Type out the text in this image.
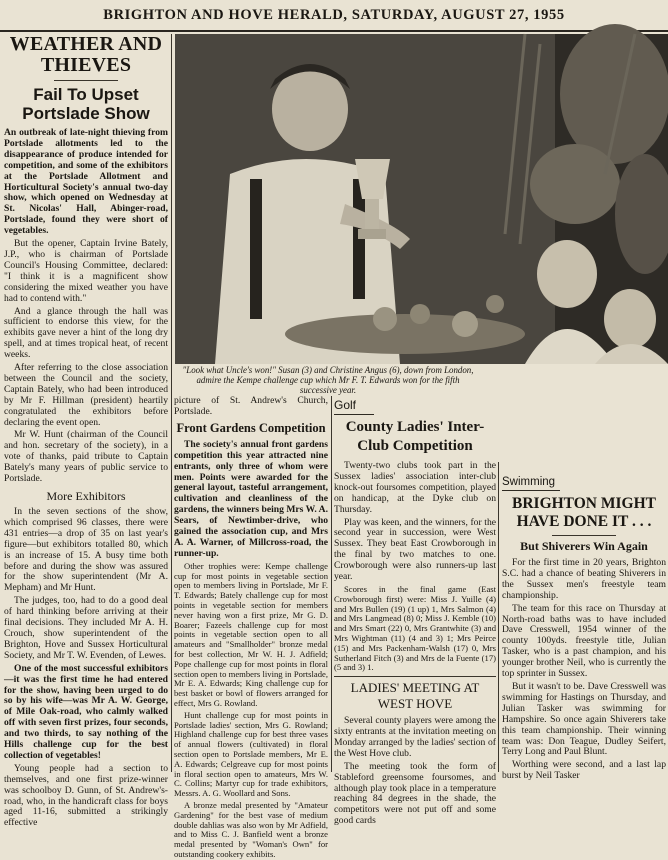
BRIGHTON AND HOVE HERALD, SATURDAY, AUGUST 27, 1955
WEATHER AND THIEVES
Fail To Upset Portslade Show

An outbreak of late-night thieving from Portslade allotments led to the disappearance of produce intended for competition, and some of the exhibitors at the Portslade Allotment and Horticultural Society's annual two-day show, which opened on Wednesday at St. Nicolas' Hall, Abinger-road, Portslade, found they were short of vegetables.

But the opener, Captain Irvine Bately, J.P., who is chairman of Portslade Council's Housing Committee, declared: "I think it is a magnificent show considering the mixed weather you have had to contend with."

And a glance through the hall was sufficient to endorse this view, for the exhibits gave never a hint of the long dry spell, and at times tropical heat, of recent weeks.

After referring to the close association between the Council and the society, Captain Bately, who had been introduced by Mr F. Hillman (president) heartily congratulated the exhibitors before declaring the event open.

Mr W. Hunt (chairman of the Council and hon. secretary of the society), in a vote of thanks, paid tribute to Captain Bately's many years of public service to Portslade.

More Exhibitors

In the seven sections of the show, which comprised 96 classes, there were 431 entries—a drop of 35 on last year's figure—but exhibitors totalled 80, which is an increase of 15. A busy time both before and during the show was assured for the show superintendent (Mr A. Mepham) and Mr Hunt.

The judges, too, had to do a good deal of hard thinking before arriving at their final decisions. They included Mr A. H. Crouch, show superintendent of the Brighton, Hove and Sussex Horticultural Society, and Mr T. W. Evenden, of Lewes.

One of the most successful exhibitors—it was the first time he had entered for the show, having been urged to do so by his wife—was Mr A. W. George, of Mile Oak-road, who calmly walked off with seven first prizes, four seconds, and two thirds, to say nothing of the Hills challenge cup for the best collection of vegetables!

Young people had a section to themselves, and one first prize-winner was schoolboy D. Gunn, of St. Andrew's-road, who, in the handicraft class for boys aged 11-16, submitted a strikingly effective

"Look what Uncle's won!" Susan (3) and Christine Angus (6), down from London, admire the Kempe challenge cup which Mr F. T. Edwards won for the fifth successive year.

picture of St. Andrew's Church, Portslade.

Front Gardens Competition

The society's annual front gardens competition this year attracted nine entrants, only three of whom were men. Points were awarded for the general layout, tasteful arrangement, cultivation and cleanliness of the gardens, the winners being Mrs W. A. Sears, of Newtimber-drive, who gained the association cup, and Mrs A. A. Warner, of Millcross-road, the runner-up.

Other trophies were: Kempe challenge cup for most points in vegetable section open to members living in Portslade, Mr F. T. Edwards; Bately challenge cup for most points in vegetable section for members never having won a first prize, Mr G. D. Boarer; Fazeels challenge cup for most points in vegetable section open to all amateurs and "Smallholder" bronze medal for best collection, Mr W. H. J. Adfield; Pope challenge cup for most points in floral section open to members living in Portslade, Mr E. A. Edwards; King challenge cup for best basket or bowl of flowers arranged for effect, Mrs G. Rowland.

Hunt challenge cup for most points in Portslade ladies' section, Mrs G. Rowland; Highland challenge cup for best three vases of annual flowers (cultivated) in floral section open to Portslade members, Mr E. A. Edwards; Celgreave cup for most points in floral section open to amateurs, Mrs W. C. Collins; Martyr cup for trade exhibitors, Messrs. A. G. Woollard and Sons.

A bronze medal presented by "Amateur Gardening" for the best vase of medium double dahlias was also won by Mr Adfield, and to Miss C. J. Banfield went a bronze medal presented by "Woman's Own" for outstanding cookery exhibits.

Golf
County Ladies' Inter-Club Competition

Twenty-two clubs took part in the Sussex ladies' association inter-club knock-out foursomes competition, played on handicap, at the Dyke club on Thursday.

Play was keen, and the winners, for the second year in succession, were West Sussex. They beat East Crowborough in the final by two matches to one. Crowborough were also runners-up last year.

Scores in the final game (East Crowborough first) were: Miss J. Yuille (4) and Mrs Bullen (19) (1 up) 1, Mrs Salmon (4) and Mrs Langmead (8) 0; Miss J. Kemble (10) and Mrs Smart (22) 0, Mrs Grantwhite (3) and Mrs Wightman (11) (4 and 3) 1; Mrs Peirce (15) and Mrs Packenham-Walsh (17) 0, Mrs Sutherland Fitch (3) and Mrs de la Fuente (17) (5 and 3) 1.

LADIES' MEETING AT WEST HOVE

Several county players were among the sixty entrants at the invitation meeting on Monday arranged by the ladies' section of the West Hove club.

The meeting took the form of Stableford greensome foursomes, and although play took place in a temperature reaching 84 degrees in the shade, the competitors were not put off and some good cards

Swimming
BRIGHTON MIGHT HAVE DONE IT . . .
But Shiverers Win Again

For the first time in 20 years, Brighton S.C. had a chance of beating Shiverers in the Sussex men's freestyle team championship.

The team for this race on Thursday at North-road baths was to have included Dave Cresswell, 1954 winner of the county 100yds. freestyle title, Julian Tasker, who is a past champion, and his younger brother Neil, who is currently the top sprinter in Sussex.

But it wasn't to be. Dave Cresswell was swimming for Hastings on Thursday, and Julian Tasker was swimming for Hampshire. So once again Shiverers take this team championship. Their winning team was: Don Teague, Dudley Seifert, Terry Long and Paul Blunt.

Worthing were second, and a last lap burst by Neil Tasker
